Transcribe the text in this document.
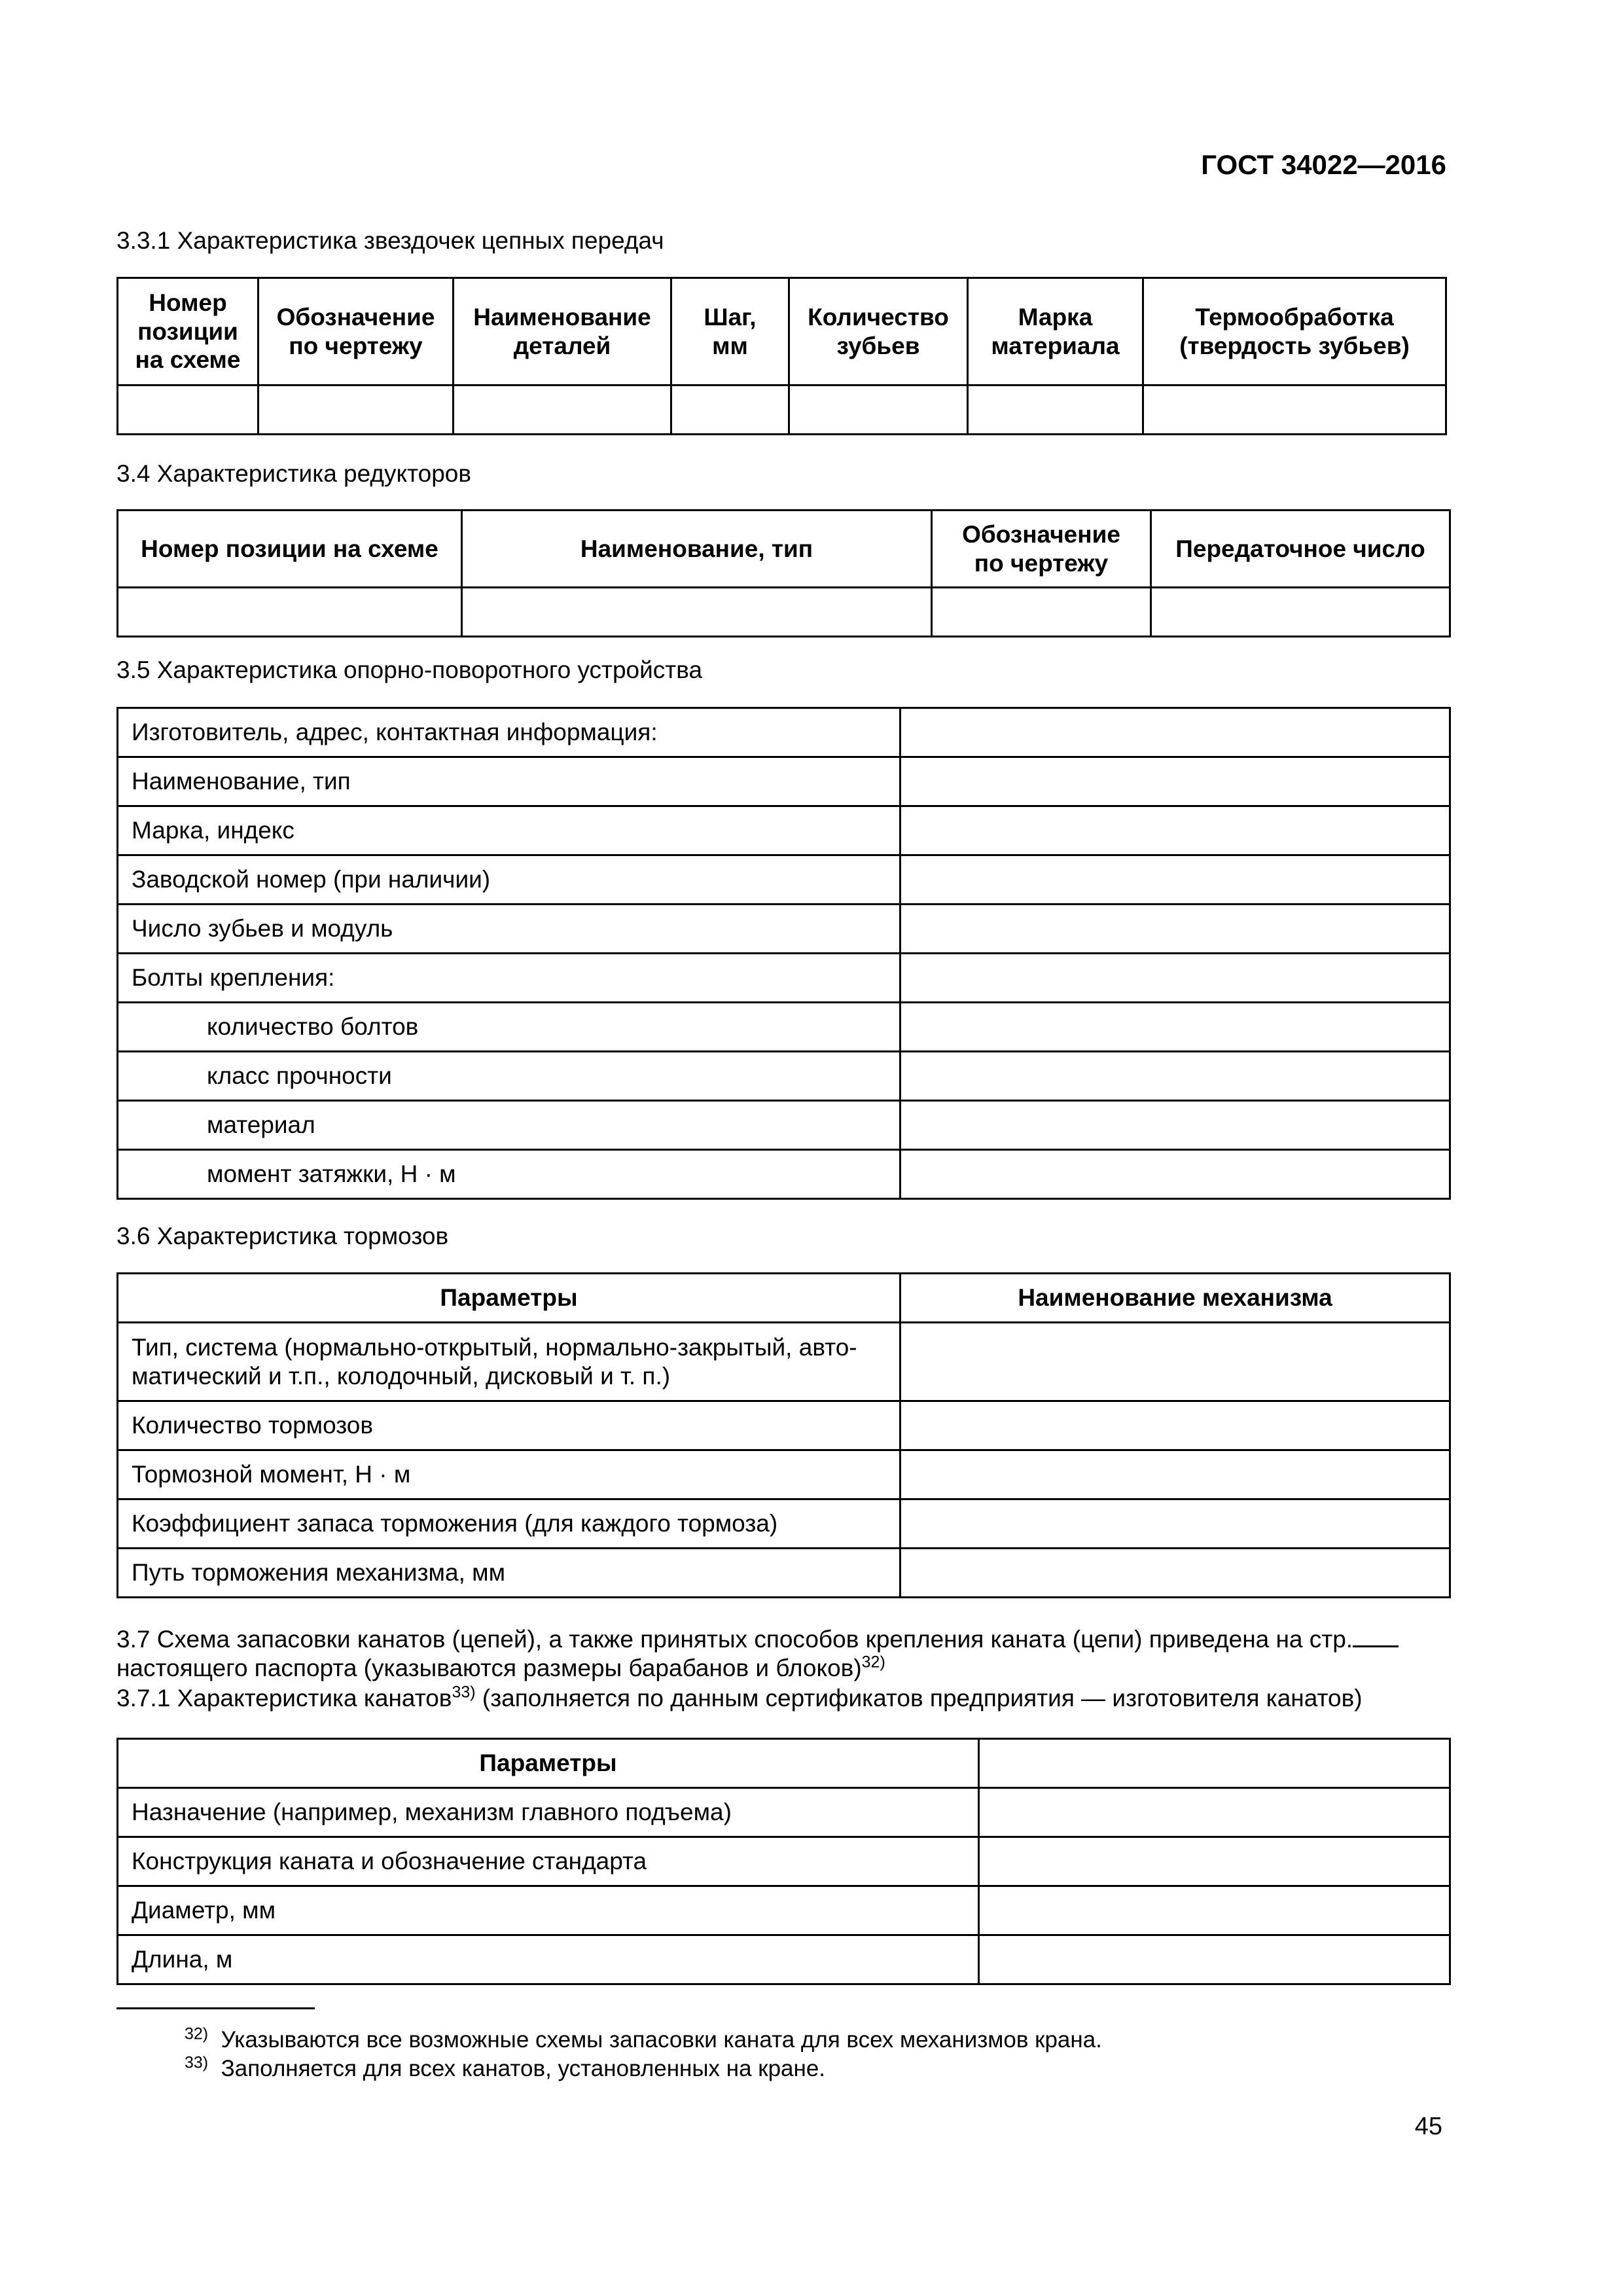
ГОСТ 34022—2016
3.3.1 Характеристика звездочек цепных передач
Номер позиции на схеме	Обозначение по чертежу	Наименование деталей	Шаг, мм	Количество зубьев	Марка материала	Термообработка (твердость зубьев)

3.4 Характеристика редукторов
Номер позиции на схеме	Наименование, тип	Обозначение по чертежу	Передаточное число

3.5 Характеристика опорно-поворотного устройства
Изготовитель, адрес, контактная информация:	
Наименование, тип	
Марка, индекс	
Заводской номер (при наличии)	
Число зубьев и модуль	
Болты крепления:	
количество болтов	
класс прочности	
материал	
момент затяжки, Н · м	
3.6 Характеристика тормозов
Параметры	Наименование механизма
Тип, система (нормально-открытый, нормально-закрытый, авто-матический и т.п., колодочный, дисковый и т. п.)	
Количество тормозов	
Тормозной момент, Н · м	
Коэффициент запаса торможения (для каждого тормоза)	
Путь торможения механизма, мм	
3.7 Схема запасовки канатов (цепей), а также принятых способов крепления каната (цепи) приведена на стр.
настоящего паспорта (указываются размеры барабанов и блоков)$^{32)}$
3.7.1 Характеристика канатов$^{33)}$ (заполняется по данным сертификатов предприятия — изготовителя канатов)
Параметры	
Назначение (например, механизм главного подъема)	
Конструкция каната и обозначение стандарта	
Диаметр, мм	
Длина, м	
$^{32)}$ Указываются все возможные схемы запасовки каната для всех механизмов крана.
$^{33)}$ Заполняется для всех канатов, установленных на кране.
45
